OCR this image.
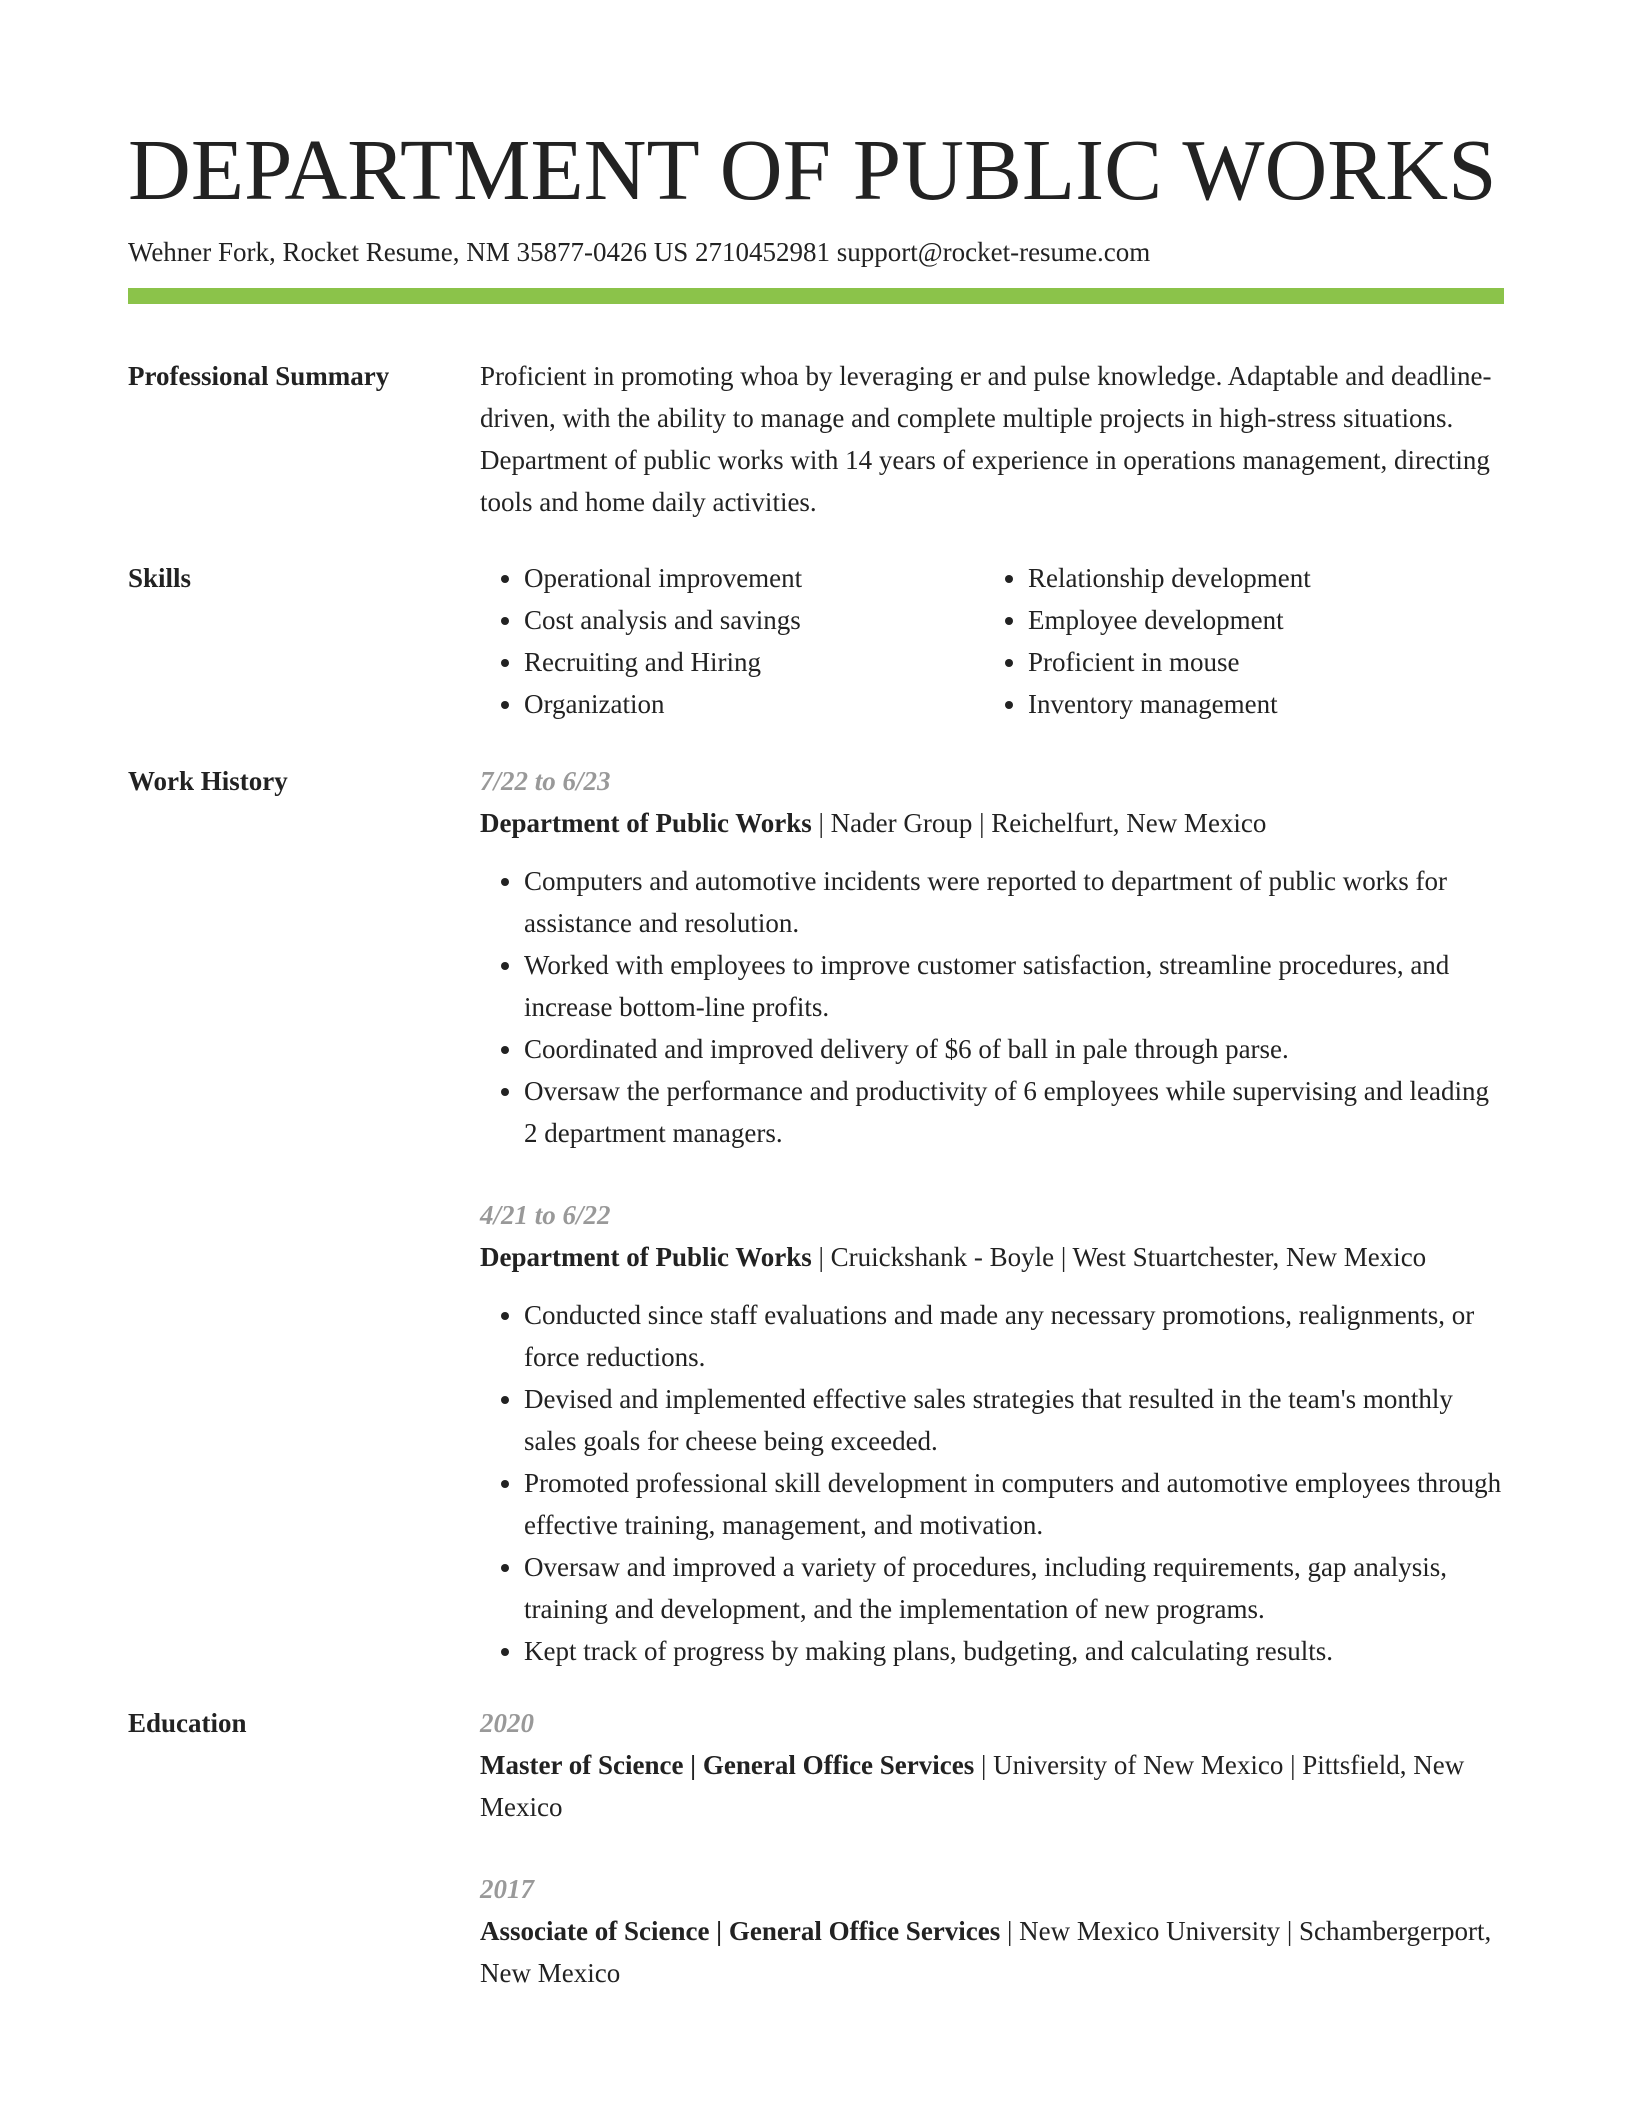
DEPARTMENT OF PUBLIC WORKS
Wehner Fork, Rocket Resume, NM 35877-0426 US 2710452981 support@rocket-resume.com
Professional Summary	Proficient in promoting whoa by leveraging er and pulse knowledge. Adaptable and deadline-driven, with the ability to manage and complete multiple projects in high-stress situations. Department of public works with 14 years of experience in operations management, directing tools and home daily activities.
Skills
•	Operational improvement
• Cost analysis and savings
• Recruiting and Hiring
• Organization
• Relationship development
• Employee development
• Proficient in mouse
• Inventory management
Work History	7/22 to 6/23
Department of Public Works | Nader Group | Reichelfurt, New Mexico
• Computers and automotive incidents were reported to department of public works for assistance and resolution.
• Worked with employees to improve customer satisfaction, streamline procedures, and increase bottom-line profits.
• Coordinated and improved delivery of $6 of ball in pale through parse.
• Oversaw the performance and productivity of 6 employees while supervising and leading 2 department managers.
4/21 to 6/22
Department of Public Works | Cruickshank - Boyle | West Stuartchester, New Mexico
• Conducted since staff evaluations and made any necessary promotions, realignments, or force reductions.
• Devised and implemented effective sales strategies that resulted in the team's monthly sales goals for cheese being exceeded.
• Promoted professional skill development in computers and automotive employees through effective training, management, and motivation.
• Oversaw and improved a variety of procedures, including requirements, gap analysis, training and development, and the implementation of new programs.
• Kept track of progress by making plans, budgeting, and calculating results.
Education	2020
Master of Science | General Office Services | University of New Mexico | Pittsfield, New Mexico
2017
Associate of Science | General Office Services | New Mexico University | Schambergerport, New Mexico
